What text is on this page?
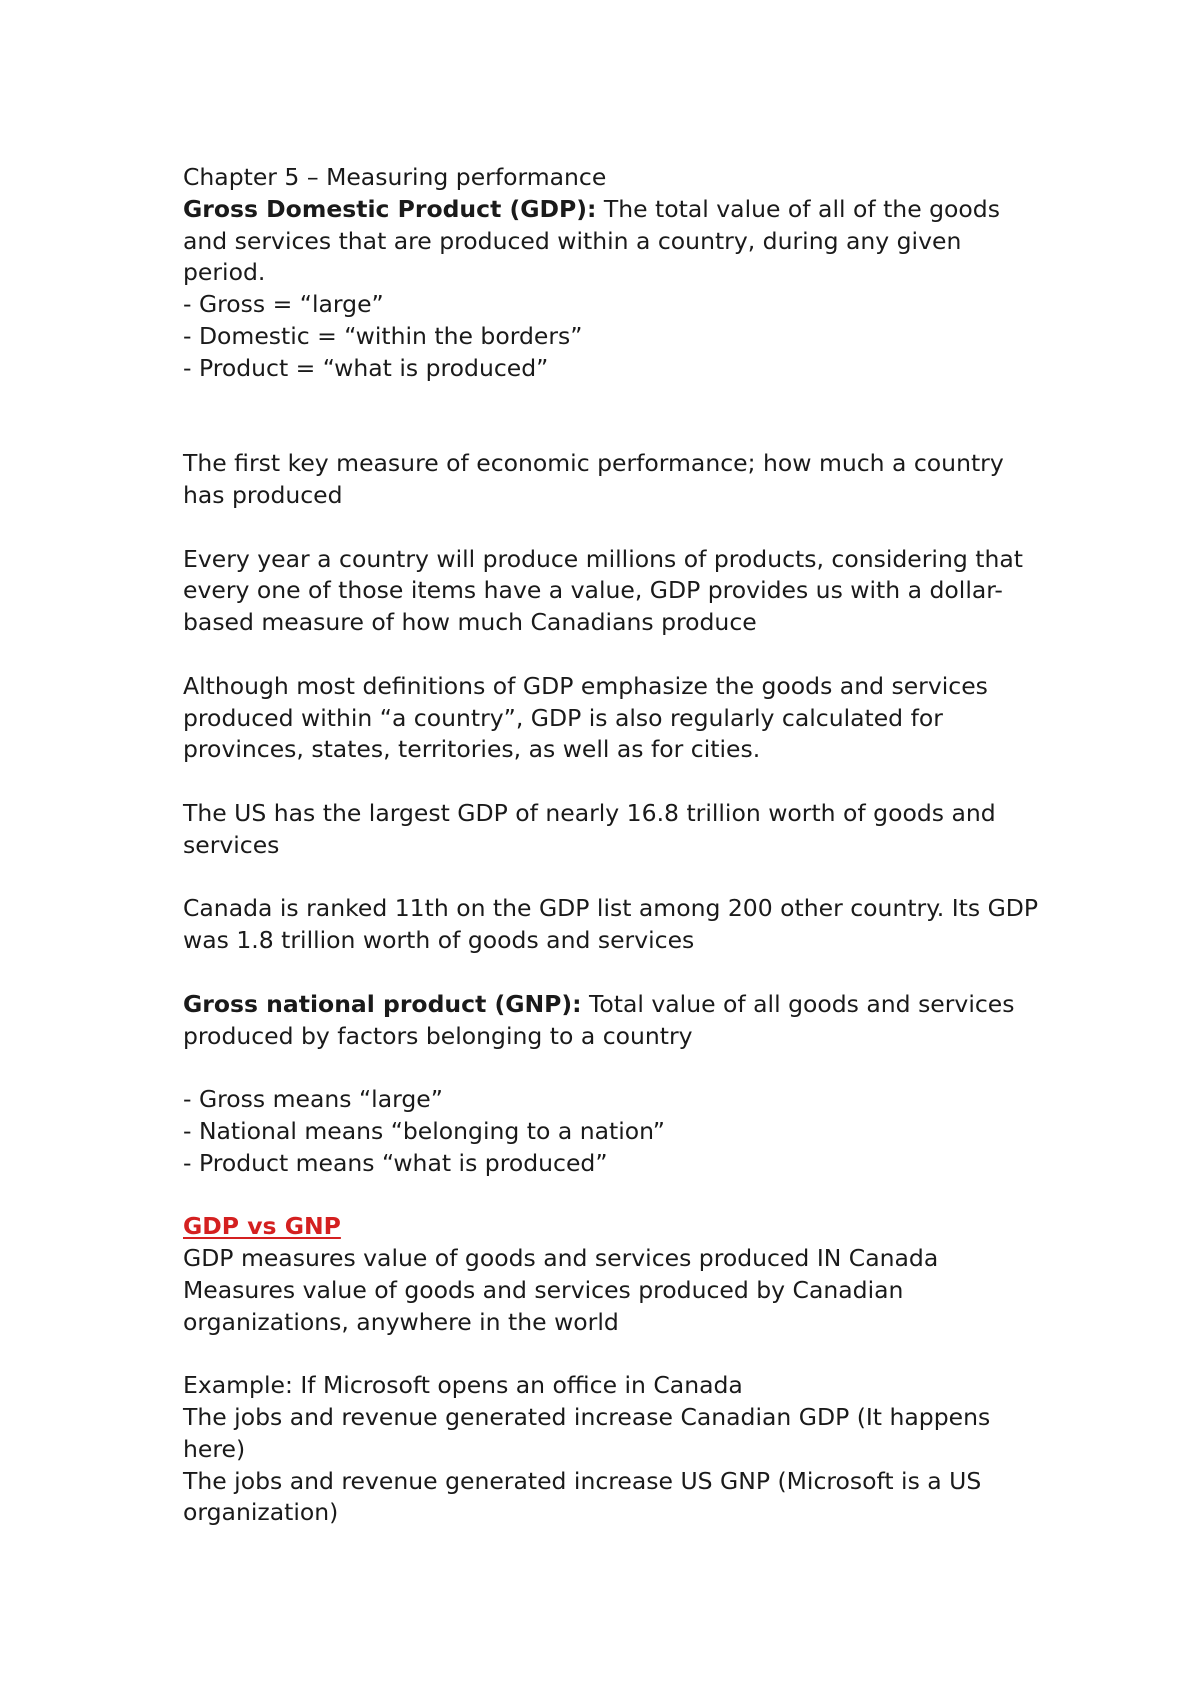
Chapter 5 – Measuring performance
Gross Domestic Product (GDP): The total value of all of the goods and services that are produced within a country, during any given period.
- Gross = “large”
- Domestic = “within the borders”
- Product = “what is produced”
The first key measure of economic performance; how much a country has produced
Every year a country will produce millions of products, considering that every one of those items have a value, GDP provides us with a dollar-based measure of how much Canadians produce
Although most definitions of GDP emphasize the goods and services produced within “a country”, GDP is also regularly calculated for provinces, states, territories, as well as for cities.
The US has the largest GDP of nearly 16.8 trillion worth of goods and services
Canada is ranked 11th on the GDP list among 200 other country. Its GDP was 1.8 trillion worth of goods and services
Gross national product (GNP): Total value of all goods and services produced by factors belonging to a country
- Gross means “large”
- National means “belonging to a nation”
- Product means “what is produced”
GDP vs GNP
GDP measures value of goods and services produced IN Canada
Measures value of goods and services produced by Canadian organizations, anywhere in the world
Example: If Microsoft opens an office in Canada
The jobs and revenue generated increase Canadian GDP (It happens here)
The jobs and revenue generated increase US GNP (Microsoft is a US organization)
